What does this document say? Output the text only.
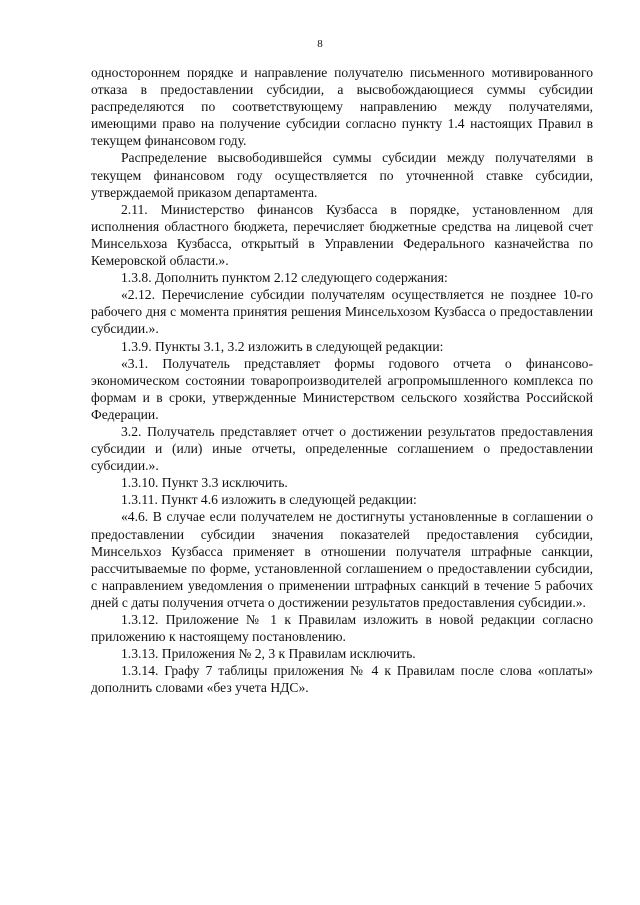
8

одностороннем порядке и направление получателю письменного мотивированного отказа в предоставлении субсидии, а высвобождающиеся суммы субсидии распределяются по соответствующему направлению между получателями, имеющими право на получение субсидии согласно пункту 1.4 настоящих Правил в текущем финансовом году.

Распределение высвободившейся суммы субсидии между получателями в текущем финансовом году осуществляется по уточненной ставке субсидии, утверждаемой приказом департамента.

2.11. Министерство финансов Кузбасса в порядке, установленном для исполнения областного бюджета, перечисляет бюджетные средства на лицевой счет Минсельхоза Кузбасса, открытый в Управлении Федерального казначейства по Кемеровской области.».

1.3.8. Дополнить пунктом 2.12 следующего содержания:

«2.12. Перечисление субсидии получателям осуществляется не позднее 10-го рабочего дня с момента принятия решения Минсельхозом Кузбасса о предоставлении субсидии.».

1.3.9. Пункты 3.1, 3.2 изложить в следующей редакции:

«3.1. Получатель представляет формы годового отчета о финансово-экономическом состоянии товаропроизводителей агропромышленного комплекса по формам и в сроки, утвержденные Министерством сельского хозяйства Российской Федерации.

3.2. Получатель представляет отчет о достижении результатов предоставления субсидии и (или) иные отчеты, определенные соглашением о предоставлении субсидии.».

1.3.10. Пункт 3.3 исключить.

1.3.11. Пункт 4.6 изложить в следующей редакции:

«4.6. В случае если получателем не достигнуты установленные в соглашении о предоставлении субсидии значения показателей предоставления субсидии, Минсельхоз Кузбасса применяет в отношении получателя штрафные санкции, рассчитываемые по форме, установленной соглашением о предоставлении субсидии, с направлением уведомления о применении штрафных санкций в течение 5 рабочих дней с даты получения отчета о достижении результатов предоставления субсидии.».

1.3.12. Приложение № 1 к Правилам изложить в новой редакции согласно приложению к настоящему постановлению.

1.3.13. Приложения № 2, 3 к Правилам исключить.

1.3.14. Графу 7 таблицы приложения № 4 к Правилам после слова «оплаты» дополнить словами «без учета НДС».
